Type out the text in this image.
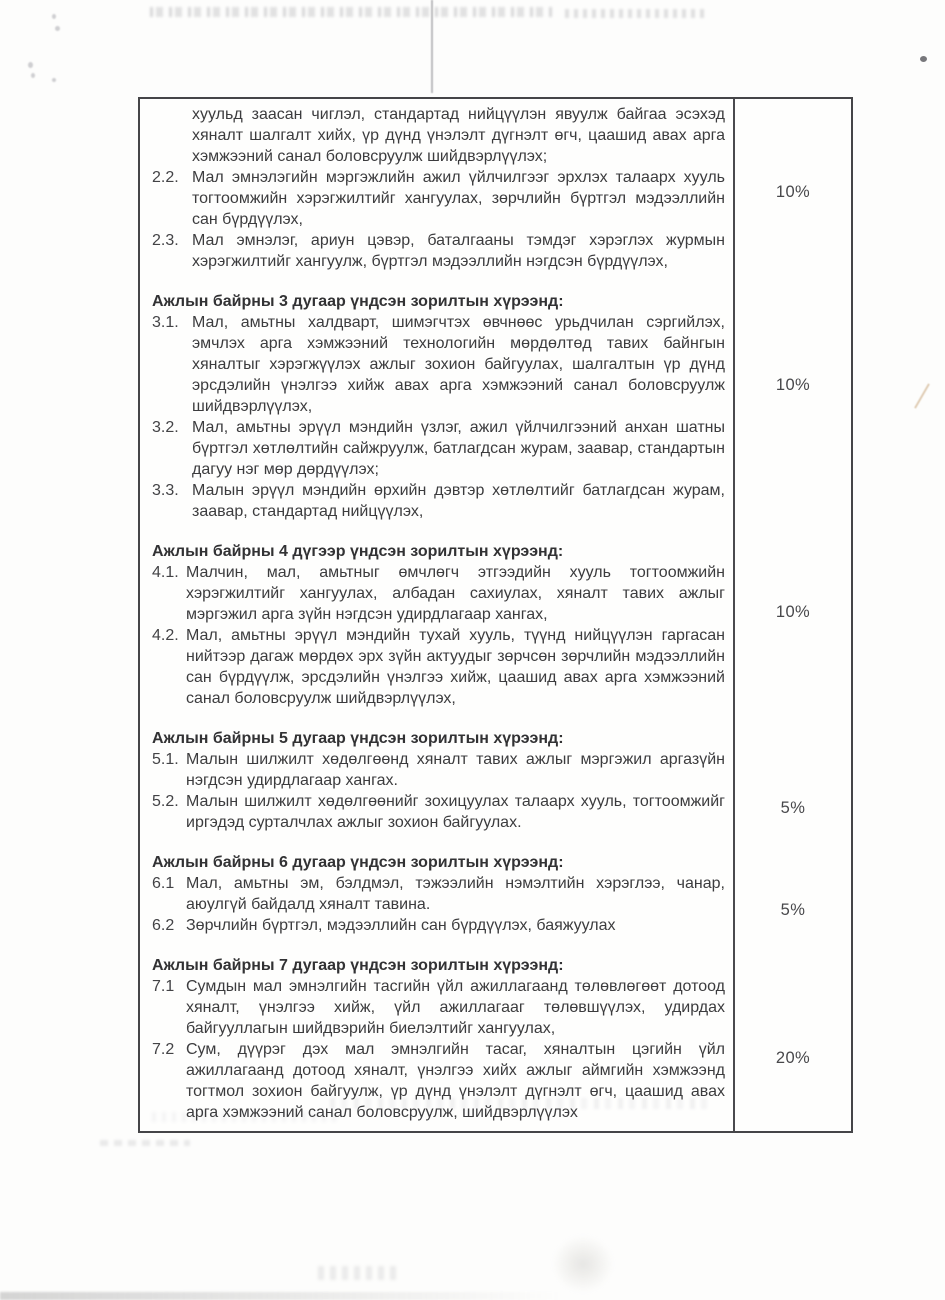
хуульд заасан чиглэл, стандартад нийцүүлэн явуулж байгаа эсэхэд хяналт шалгалт хийх, үр дүнд үнэлэлт дүгнэлт өгч, цаашид авах арга хэмжээний санал боловсруулж шийдвэрлүүлэх;

2.2. Мал эмнэлэгийн мэргэжлийн ажил үйлчилгээг эрхлэх талаарх хууль тогтоомжийн хэрэгжилтийг хангуулах, зөрчлийн бүртгэл мэдээллийн сан бүрдүүлэх,
2.3. Мал эмнэлэг, ариун цэвэр, баталгааны тэмдэг хэрэглэх журмын хэрэгжилтийг хангуулж, бүртгэл мэдээллийн нэгдсэн бүрдүүлэх,
Ажлын байрны 3 дугаар үндсэн зорилтын хүрээнд:
3.1. Мал, амьтны халдварт, шимэгчтэх өвчнөөс урьдчилан сэргийлэх, эмчлэх арга хэмжээний технологийн мөрдөлтөд тавих байнгын хяналтыг хэрэгжүүлэх ажлыг зохион байгуулах, шалгалтын үр дүнд эрсдэлийн үнэлгээ хийж авах арга хэмжээний санал боловсруулж шийдвэрлүүлэх,
3.2. Мал, амьтны эрүүл мэндийн үзлэг, ажил үйлчилгээний анхан шатны бүртгэл хөтлөлтийн сайжруулж, батлагдсан журам, заавар, стандартын дагуу нэг мөр дөрдүүлэх;
3.3. Малын эрүүл мэндийн өрхийн дэвтэр хөтлөлтийг батлагдсан журам, заавар, стандартад нийцүүлэх,
Ажлын байрны 4 дүгээр үндсэн зорилтын хүрээнд:
4.1. Малчин, мал, амьтныг өмчлөгч этгээдийн хууль тогтоомжийн хэрэгжилтийг хангуулах, албадан сахиулах, хяналт тавих ажлыг мэргэжил арга зүйн нэгдсэн удирдлагаар хангах,
4.2. Мал, амьтны эрүүл мэндийн тухай хууль, түүнд нийцүүлэн гаргасан нийтээр дагаж мөрдөх эрх зүйн актуудыг зөрчсөн зөрчлийн мэдээллийн сан бүрдүүлж, эрсдэлийн үнэлгээ хийж, цаашид авах арга хэмжээний санал боловсруулж шийдвэрлүүлэх,
Ажлын байрны 5 дугаар үндсэн зорилтын хүрээнд:
5.1. Малын шилжилт хөдөлгөөнд хяналт тавих ажлыг мэргэжил аргазүйн нэгдсэн удирдлагаар хангах.
5.2. Малын шилжилт хөдөлгөөнийг зохицуулах талаарх хууль, тогтоомжийг иргэдэд сурталчлах ажлыг зохион байгуулах.
Ажлын байрны 6 дугаар үндсэн зорилтын хүрээнд:
6.1 Мал, амьтны эм, бэлдмэл, тэжээлийн нэмэлтийн хэрэглээ, чанар, аюулгүй байдалд хяналт тавина.
6.2 Зөрчлийн бүртгэл, мэдээллийн сан бүрдүүлэх, баяжуулах
Ажлын байрны 7 дугаар үндсэн зорилтын хүрээнд:
7.1 Сумдын мал эмнэлгийн тасгийн үйл ажиллагаанд төлөвлөгөөт дотоод хяналт, үнэлгээ хийж, үйл ажиллагааг төлөвшүүлэх, удирдах байгууллагын шийдвэрийн биелэлтийг хангуулах,
7.2 Сум, дүүрэг дэх мал эмнэлгийн тасаг, хяналтын цэгийн үйл ажиллагаанд дотоод хяналт, үнэлгээ хийх ажлыг аймгийн хэмжээнд тогтмол зохион байгуулж, үр дүнд үнэлэлт дүгнэлт өгч, цаашид авах арга хэмжээний санал боловсруулж, шийдвэрлүүлэх
10%
10%
10%
5%
5%
20%
